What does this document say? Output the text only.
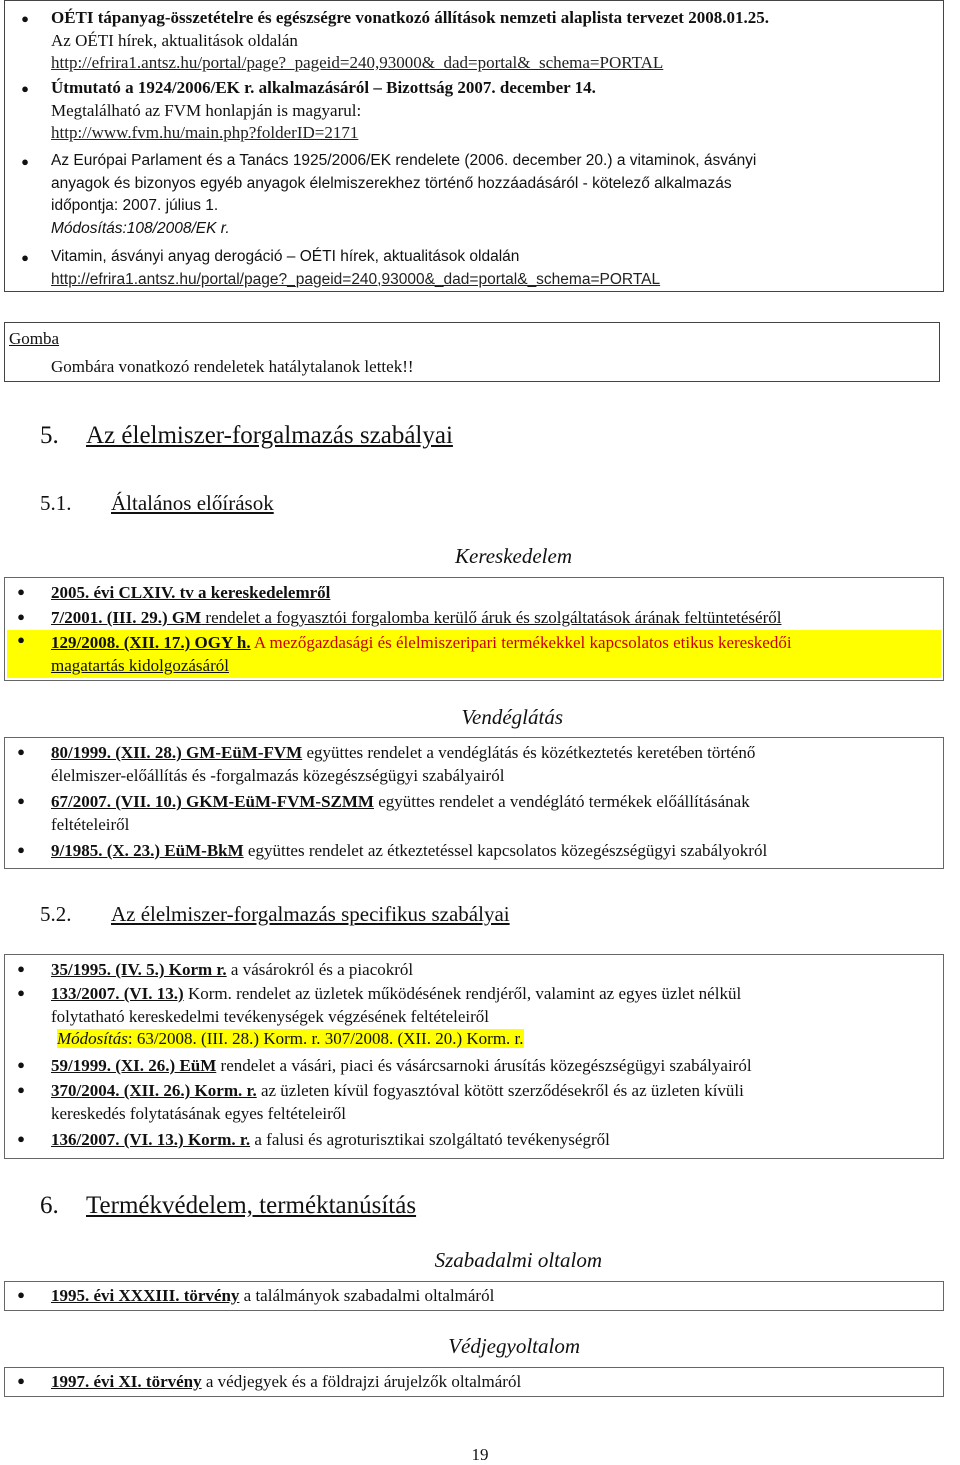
●	OÉTI tápanyag-összetételre és egészségre vonatkozó állítások nemzeti alaplista tervezet 2008.01.25.
Az OÉTI hírek, aktualitások oldalán
http://efrira1.antsz.hu/portal/page?_pageid=240,93000&_dad=portal&_schema=PORTAL
●	Útmutató a 1924/2006/EK r. alkalmazásáról – Bizottság 2007. december 14.
Megtalálható az FVM honlapján is magyarul:
http://www.fvm.hu/main.php?folderID=2171
●	Az Európai Parlament és a Tanács 1925/2006/EK rendelete (2006. december 20.) a vitaminok, ásványi
anyagok és bizonyos egyéb anyagok élelmiszerekhez történő hozzáadásáról - kötelező alkalmazás
időpontja: 2007. július 1.
Módosítás:108/2008/EK r.
●	Vitamin, ásványi anyag derogáció – OÉTI hírek, aktualitások oldalán
http://efrira1.antsz.hu/portal/page?_pageid=240,93000&_dad=portal&_schema=PORTAL
Gomba
Gombára vonatkozó rendeletek hatálytalanok lettek!!
5. Az élelmiszer-forgalmazás szabályai
5.1. Általános előírások
Kereskedelem
●	2005. évi CLXIV. tv a kereskedelemről
●	7/2001. (III. 29.) GM rendelet a fogyasztói forgalomba kerülő áruk és szolgáltatások árának feltüntetéséről
●	129/2008. (XII. 17.) OGY h. A mezőgazdasági és élelmiszeripari termékekkel kapcsolatos etikus kereskedői
magatartás kidolgozásáról
Vendéglátás
●	80/1999. (XII. 28.) GM-EüM-FVM együttes rendelet a vendéglátás és közétkeztetés keretében történő
élelmiszer-előállítás és -forgalmazás közegészségügyi szabályairól
●	67/2007. (VII. 10.) GKM-EüM-FVM-SZMM együttes rendelet a vendéglátó termékek előállításának
feltételeiről
●	9/1985. (X. 23.) EüM-BkM együttes rendelet az étkeztetéssel kapcsolatos közegészségügyi szabályokról
5.2. Az élelmiszer-forgalmazás specifikus szabályai
●	35/1995. (IV. 5.) Korm r. a vásárokról és a piacokról
●	133/2007. (VI. 13.) Korm. rendelet az üzletek működésének rendjéről, valamint az egyes üzlet nélkül
folytatható kereskedelmi tevékenységek végzésének feltételeiről
Módosítás: 63/2008. (III. 28.) Korm. r. 307/2008. (XII. 20.) Korm. r.
●	59/1999. (XI. 26.) EüM rendelet a vásári, piaci és vásárcsarnoki árusítás közegészségügyi szabályairól
●	370/2004. (XII. 26.) Korm. r. az üzleten kívül fogyasztóval kötött szerződésekről és az üzleten kívüli
kereskedés folytatásának egyes feltételeiről
●	136/2007. (VI. 13.) Korm. r. a falusi és agroturisztikai szolgáltató tevékenységről
6. Termékvédelem, terméktanúsítás
Szabadalmi oltalom
●	1995. évi XXXIII. törvény a találmányok szabadalmi oltalmáról
Védjegyoltalom
●	1997. évi XI. törvény a védjegyek és a földrajzi árujelzők oltalmáról
19
